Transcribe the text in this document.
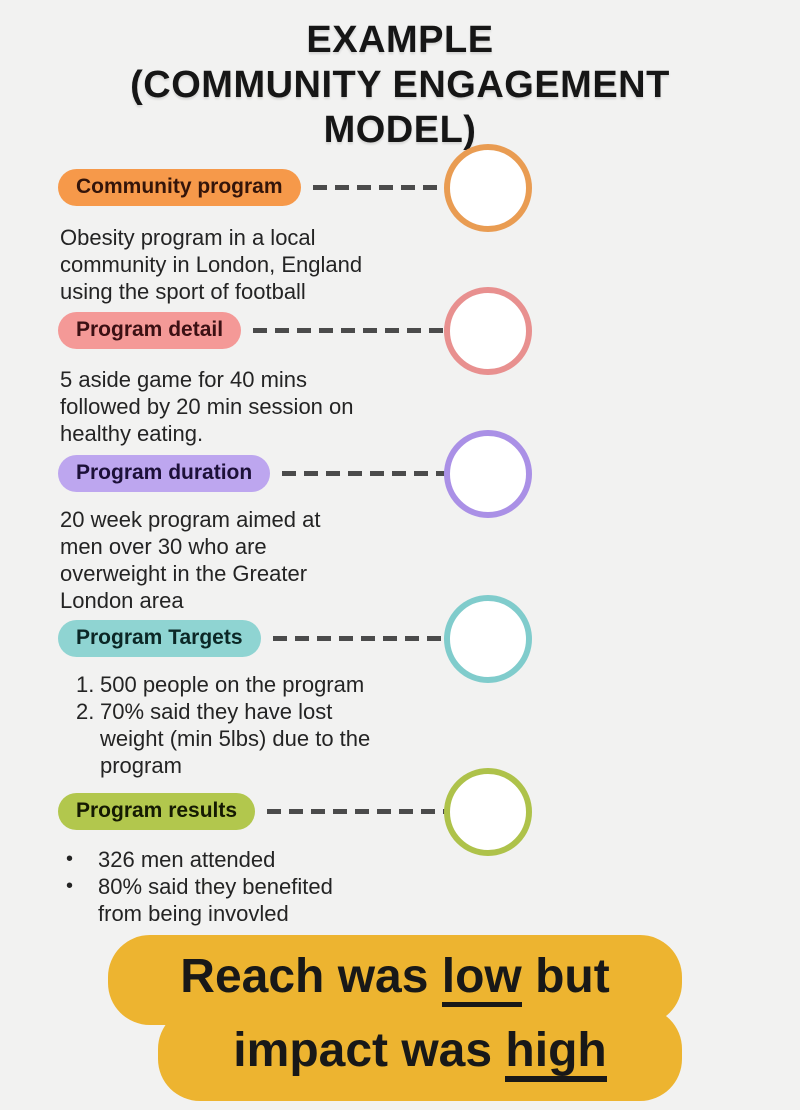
EXAMPLE
(COMMUNITY ENGAGEMENT
MODEL)
Community program
Obesity program in a local
community in London, England
using the sport of football
Program detail
5 aside game for 40 mins
followed by 20 min session on
healthy eating.
Program duration
20 week program aimed at
men over 30 who are
overweight in the Greater
London area
Program Targets
1. 500 people on the program
2. 70% said they have lost
weight (min 5lbs) due to the
program
Program results
•	326 men attended
•	80% said they benefited
from being invovled
Reach was low but
impact was high
